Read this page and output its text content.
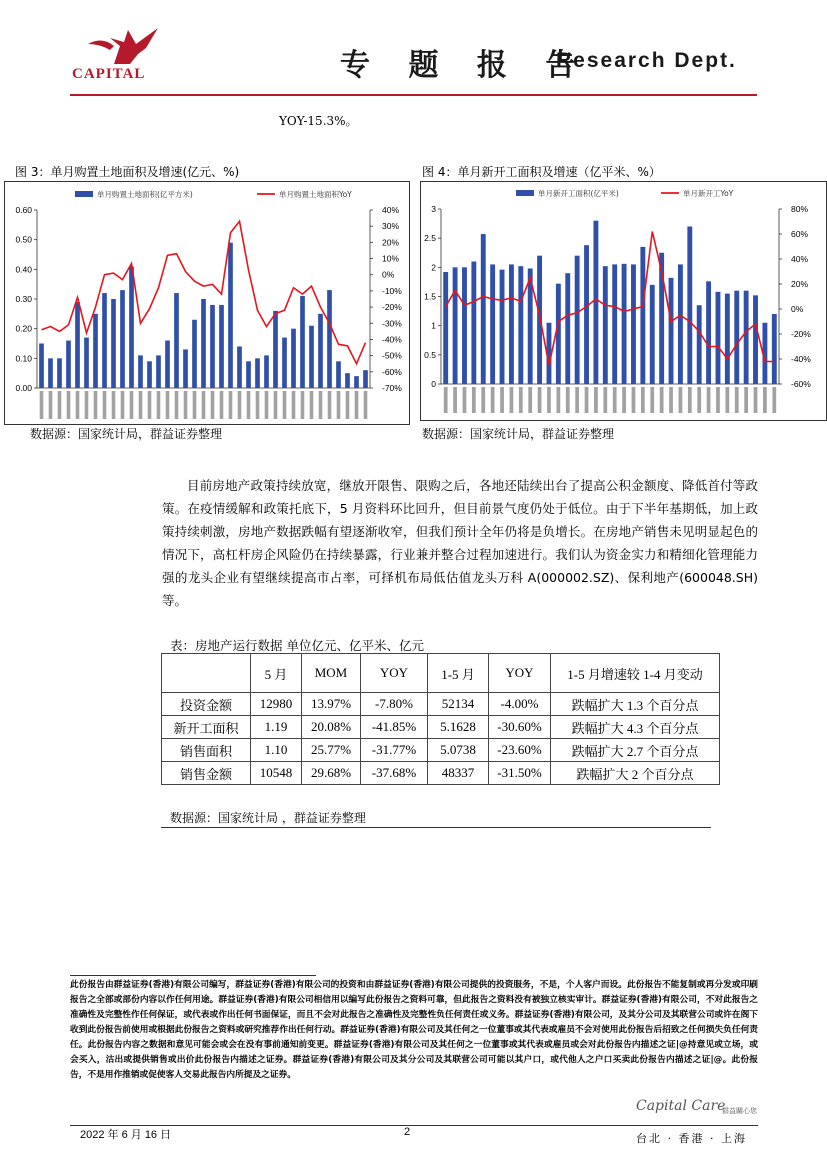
CAPITAL	专 题 报 告
Research Dept.
YOY-15.3%。
图 3：单月购置土地面积及增速(亿元、%)
0.00
0.10
0.20
0.30
0.40
0.50
0.60
-70%
-60%
-50%
-40%
-30%
-20%
-10%
0%
10%
20%
30%
40%
单月购置土地面积(亿平方米)	单月购置土地面积YoY
数据源：国家统计局，群益证券整理
图 4：单月新开工面积及增速（亿平米、%）
0
0.5
1
1.5
2
2.5
3
-60%
-40%
-20%
0%
20%
40%
60%
80%
单月新开工面积(亿平米)	单月新开工YoY
数据源：国家统计局，群益证券整理
目前房地产政策持续放宽，继放开限售、限购之后，各地还陆续出台了提高公积金额度、降低首付等政策。在疫情缓解和政策托底下，5 月资料环比回升，但目前景气度仍处于低位。由于下半年基期低，加上政策持续刺激，房地产数据跌幅有望逐渐收窄，但我们预计全年仍将是负增长。在房地产销售未见明显起色的情况下，高杠杆房企风险仍在持续暴露，行业兼并整合过程加速进行。我们认为资金实力和精细化管理能力强的龙头企业有望继续提高市占率，可择机布局低估值龙头万科 A(000002.SZ)、保利地产(600048.SH)等。
表：房地产运行数据 单位亿元、亿平米、亿元
	5 月	MOM	YOY	1-5 月	YOY	1-5 月增速较 1-4 月变动
投资金额	12980	13.97%	-7.80%	52134	-4.00%	跌幅扩大 1.3 个百分点
新开工面积	1.19	20.08%	-41.85%	5.1628	-30.60%	跌幅扩大 4.3 个百分点
销售面积	1.10	25.77%	-31.77%	5.0738	-23.60%	跌幅扩大 2.7 个百分点
销售金额	10548	29.68%	-37.68%	48337	-31.50%	跌幅扩大 2 个百分点
数据源：国家统计局 ，群益证券整理
此份报告由群益证券(香港)有限公司编写，群益证券(香港)有限公司的投资和由群益证券(香港)有限公司提供的投资服务，不是，个人客户而设。此份报告不能复制或再分发或印刷报告之全部或部份内容以作任何用途。群益证券(香港)有限公司相信用以编写此份报告之资料可靠，但此报告之资料没有被独立核实审计。群益证券(香港)有限公司，不对此报告之准确性及完整性作任何保证，或代表或作出任何书面保证，而且不会对此报告之准确性及完整性负任何责任或义务。群益证券(香港)有限公司，及其分公司及其联营公司或许在阁下收到此份报告前使用或根据此份报告之资料或研究推荐作出任何行动。群益证券(香港)有限公司及其任何之一位董事或其代表或雇员不会对使用此份报告后招致之任何损失负任何责任。此份报告内容之数据和意见可能会或会在没有事前通知前变更。群益证券(香港)有限公司及其任何之一位董事或其代表或雇员或会对此份报告内描述之证|@持意见或立场，或会买入，沽出或提供销售或出价此份报告内描述之证券。群益证券(香港)有限公司及其分公司及其联营公司可能以其户口，或代他人之户口买卖此份报告内描述之证|@。此份报告，不是用作推销或促使客人交易此报告内所提及之证券。
Capital Care
群益關心您
2022 年 6 月 16 日	2	台北 · 香港 · 上海
